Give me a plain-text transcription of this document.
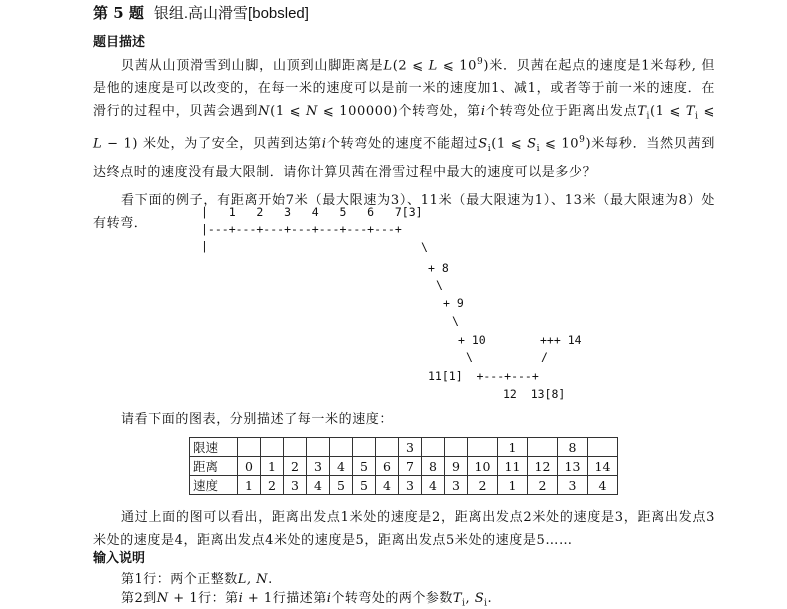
第 5 题 银组.高山滑雪[bobsled]
题目描述
贝茜从山顶滑雪到山脚，山顶到山脚距离是L(2 ⩽ L ⩽ $10^9$)米．贝茜在起点的速度是1米每秒, 但是他的速度是可以改变的，在每一米的速度可以是前一米的速度加1、减1，或者等于前一米的速度．在滑行的过程中，贝茜会遇到N(1 ⩽ N ⩽ 100000)个转弯处，第i个转弯处位于距离出发点$T_i(1$ ⩽ $T_i$ ⩽ L − 1) 米处，为了安全，贝茜到达第i个转弯处的速度不能超过$S_i(1$ ⩽ $S_i$ ⩽ $10^9$)米每秒．当然贝茜到达终点时的速度没有最大限制．请你计算贝茜在滑雪过程中最大的速度可以是多少？
看下面的例子，有距离开始7米（最大限速为3）、11米（最大限速为1）、13米（最大限速为8）处有转弯．
|   1   2   3   4   5   6   7[3]
|---+---+---+---+---+---+---+
|	\
+ 8
\
+ 9
\
+ 10	+++ 14
\	/
11[1]  +---+---+
12  13[8]
请看下面的图表，分别描述了每一米的速度：
限速								3				1		8	
距离	0	1	2	3	4	5	6	7	8	9	10	11	12	13	14
速度	1	2	3	4	5	5	4	3	4	3	2	1	2	3	4
通过上面的图可以看出，距离出发点1米处的速度是2，距离出发点2米处的速度是3，距离出发点3米处的速度是4，距离出发点4米处的速度是5，距离出发点5米处的速度是5……
输入说明
第1行：两个正整数L, N.
第2到N + 1行：第i + 1行描述第i个转弯处的两个参数$T_i$, $S_i$.
